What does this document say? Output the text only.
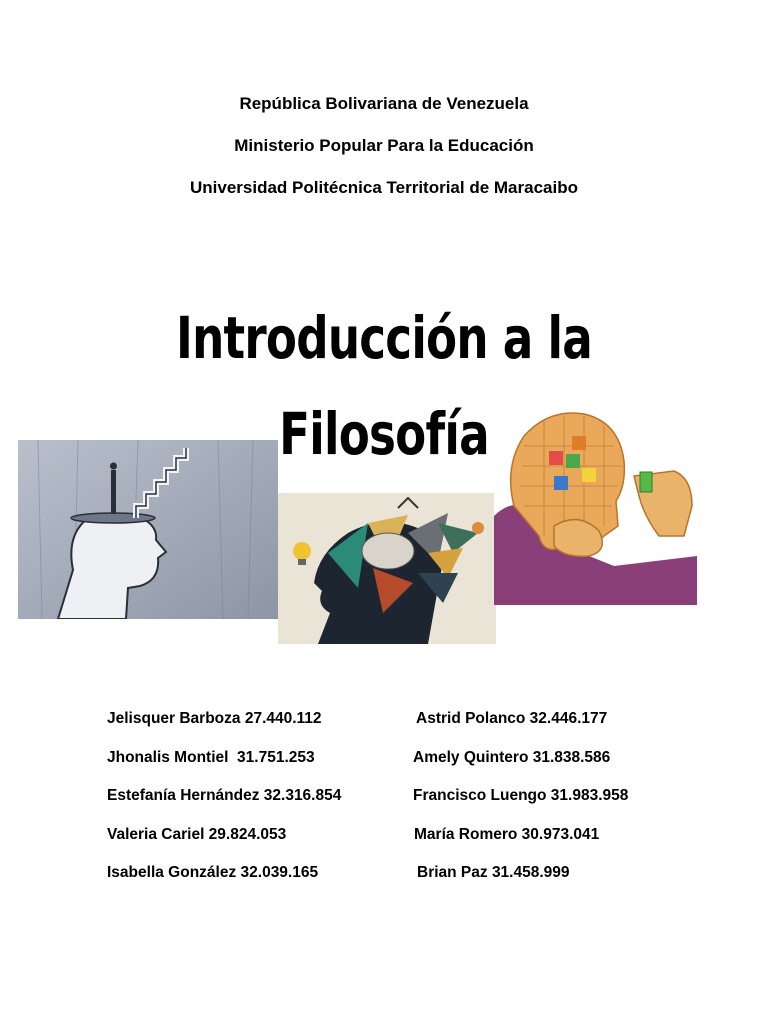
República Bolivariana de Venezuela
Ministerio Popular Para la Educación
Universidad Politécnica Territorial de Maracaibo
Introducción a la
Filosofía
Jelisquer Barboza 27.440.112	Astrid Polanco 32.446.177
Jhonalis Montiel  31.751.253	Amely Quintero 31.838.586
Estefanía Hernández 32.316.854	Francisco Luengo 31.983.958
Valeria Cariel 29.824.053	María Romero 30.973.041
Isabella González 32.039.165	Brian Paz 31.458.999
